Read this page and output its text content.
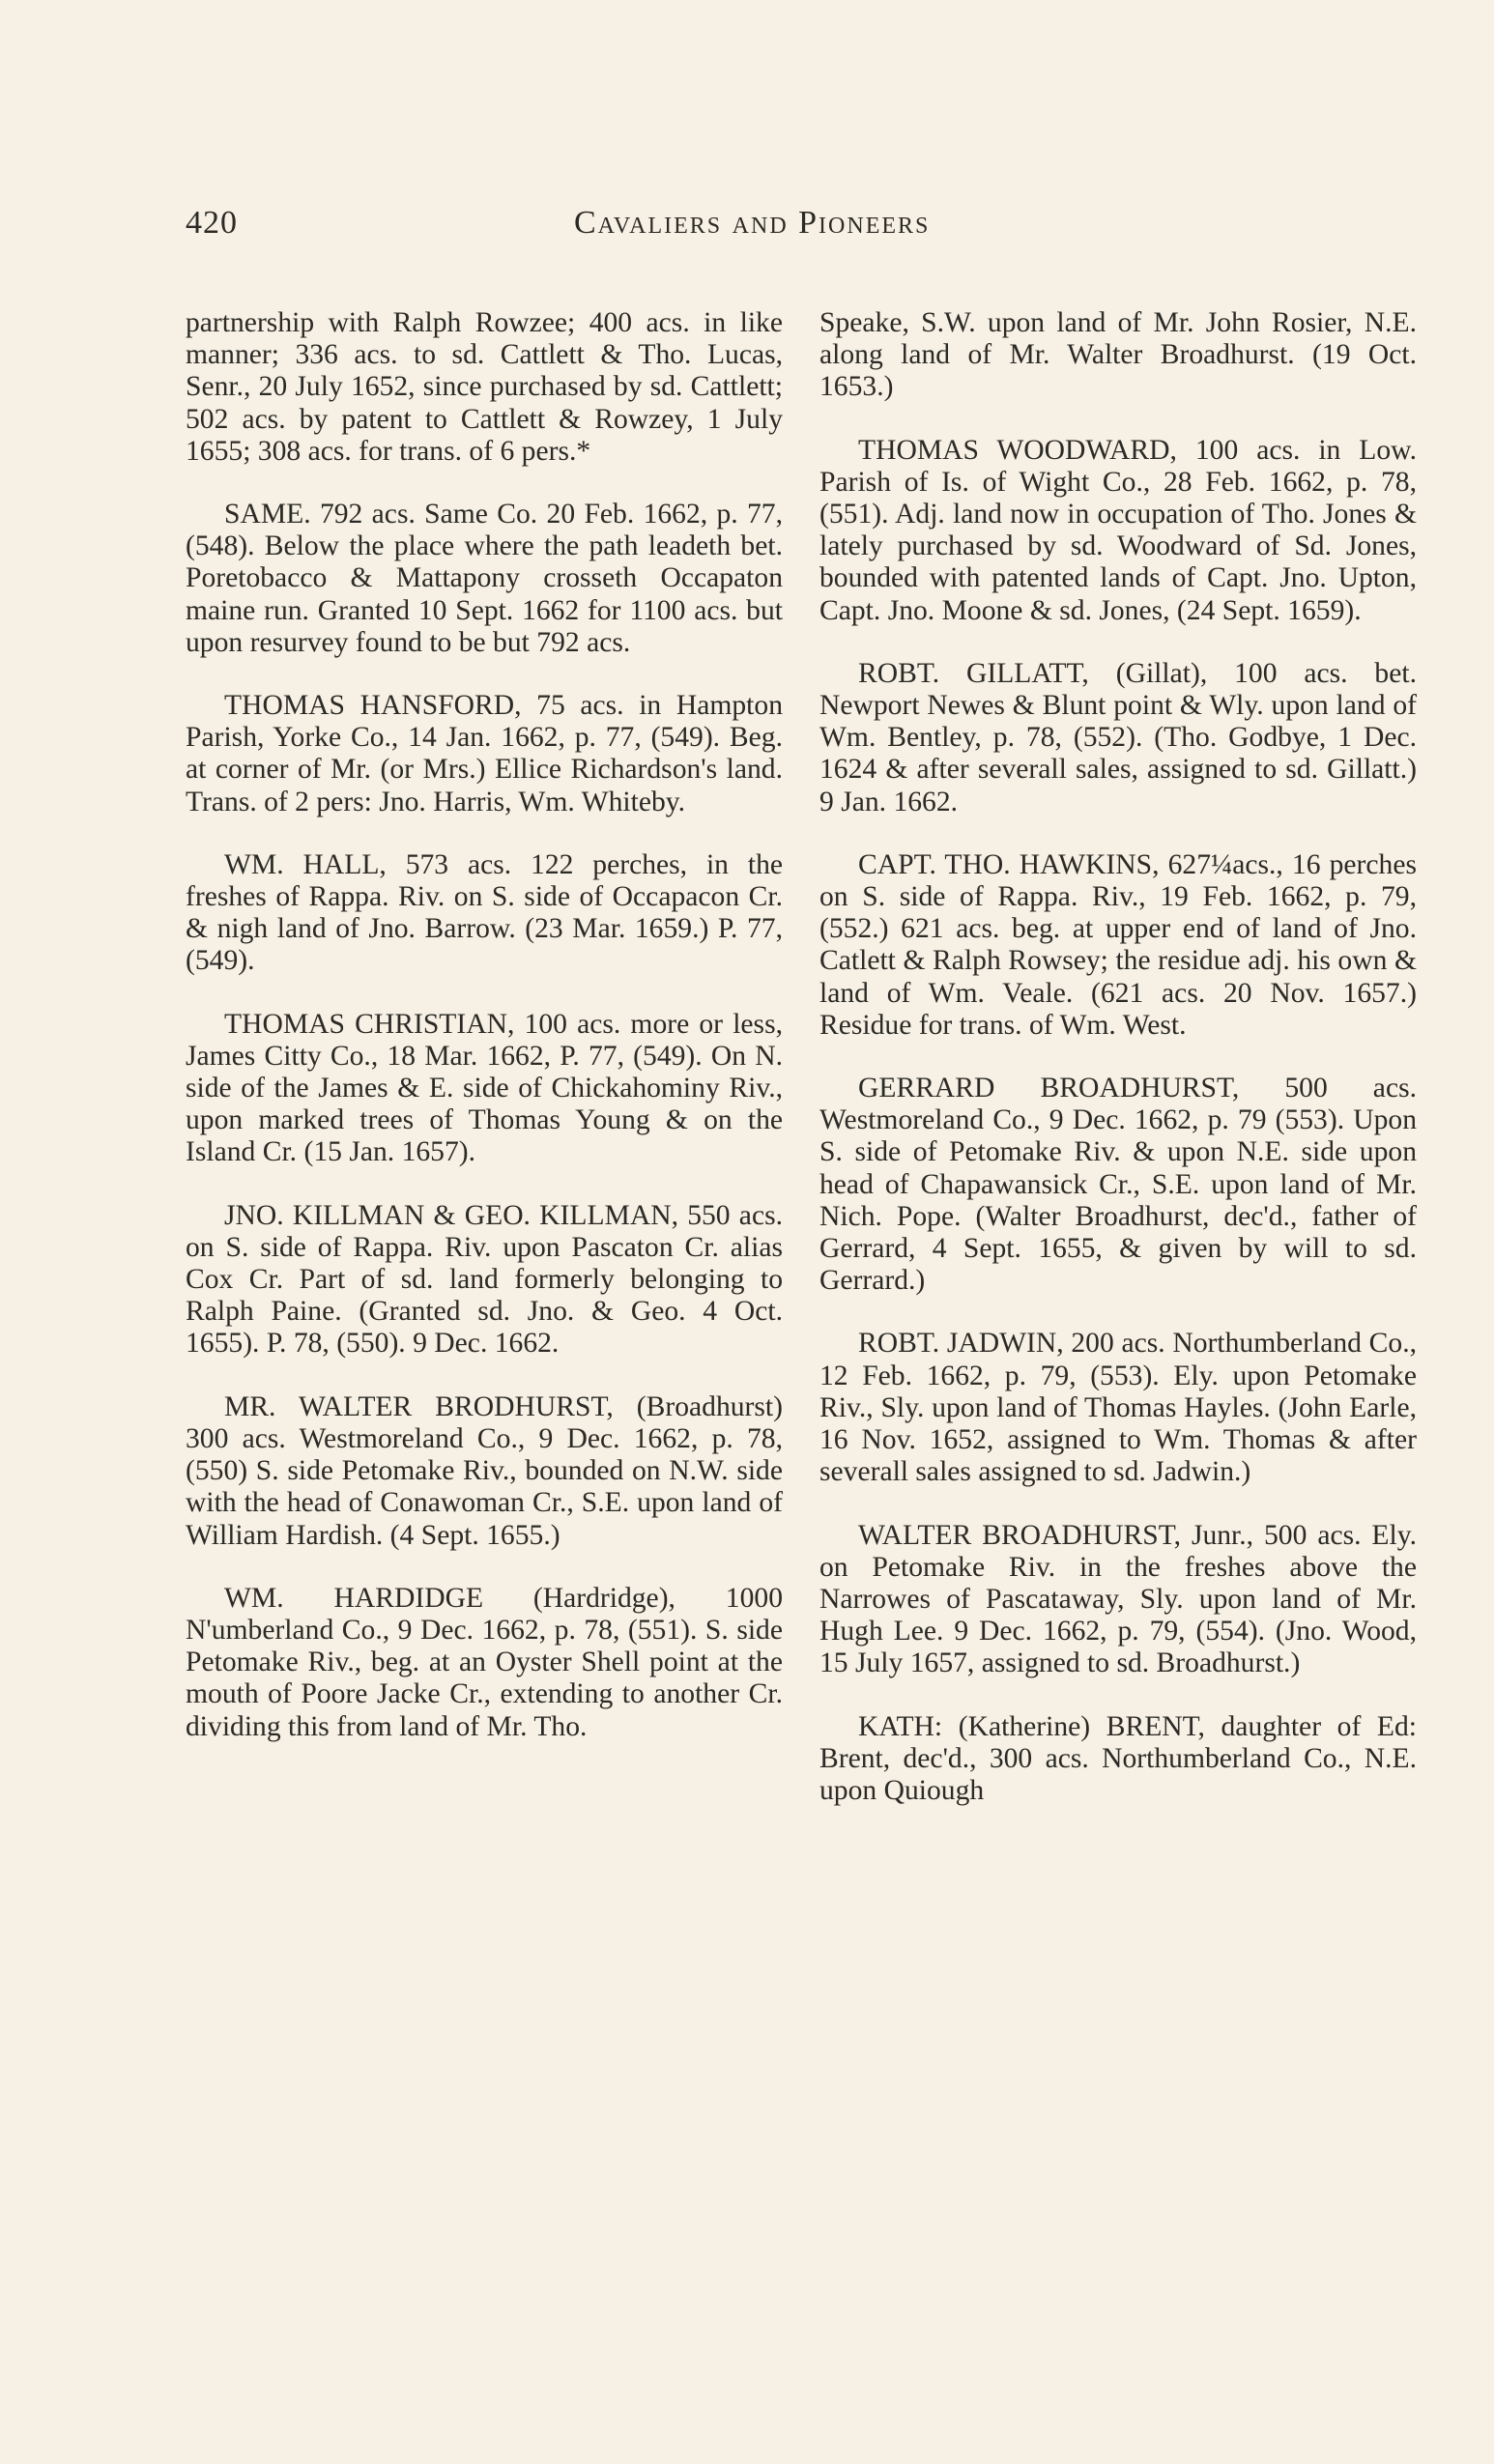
420	Cavaliers and Pioneers

partnership with Ralph Rowzee; 400 acs. in like manner; 336 acs. to sd. Cattlett & Tho. Lucas, Senr., 20 July 1652, since purchased by sd. Cattlett; 502 acs. by patent to Cattlett & Rowzey, 1 July 1655; 308 acs. for trans. of 6 pers.*

SAME. 792 acs. Same Co. 20 Feb. 1662, p. 77, (548). Below the place where the path leadeth bet. Poretobacco & Mattapony crosseth Occapaton maine run. Granted 10 Sept. 1662 for 1100 acs. but upon resurvey found to be but 792 acs.

THOMAS HANSFORD, 75 acs. in Hampton Parish, Yorke Co., 14 Jan. 1662, p. 77, (549). Beg. at corner of Mr. (or Mrs.) Ellice Richardson's land. Trans. of 2 pers: Jno. Harris, Wm. Whiteby.

WM. HALL, 573 acs. 122 perches, in the freshes of Rappa. Riv. on S. side of Occapacon Cr. & nigh land of Jno. Barrow. (23 Mar. 1659.) P. 77, (549).

THOMAS CHRISTIAN, 100 acs. more or less, James Citty Co., 18 Mar. 1662, P. 77, (549). On N. side of the James & E. side of Chickahominy Riv., upon marked trees of Thomas Young & on the Island Cr. (15 Jan. 1657).

JNO. KILLMAN & GEO. KILLMAN, 550 acs. on S. side of Rappa. Riv. upon Pascaton Cr. alias Cox Cr. Part of sd. land formerly belonging to Ralph Paine. (Granted sd. Jno. & Geo. 4 Oct. 1655). P. 78, (550). 9 Dec. 1662.

MR. WALTER BRODHURST, (Broadhurst) 300 acs. Westmoreland Co., 9 Dec. 1662, p. 78, (550) S. side Petomake Riv., bounded on N.W. side with the head of Conawoman Cr., S.E. upon land of William Hardish. (4 Sept. 1655.)

WM. HARDIDGE (Hardridge), 1000 N'umberland Co., 9 Dec. 1662, p. 78, (551). S. side Petomake Riv., beg. at an Oyster Shell point at the mouth of Poore Jacke Cr., extending to another Cr. dividing this from land of Mr. Tho.

Speake, S.W. upon land of Mr. John Rosier, N.E. along land of Mr. Walter Broadhurst. (19 Oct. 1653.)

THOMAS WOODWARD, 100 acs. in Low. Parish of Is. of Wight Co., 28 Feb. 1662, p. 78, (551). Adj. land now in occupation of Tho. Jones & lately purchased by sd. Woodward of Sd. Jones, bounded with patented lands of Capt. Jno. Upton, Capt. Jno. Moone & sd. Jones, (24 Sept. 1659).

ROBT. GILLATT, (Gillat), 100 acs. bet. Newport Newes & Blunt point & Wly. upon land of Wm. Bentley, p. 78, (552). (Tho. Godbye, 1 Dec. 1624 & after severall sales, assigned to sd. Gillatt.) 9 Jan. 1662.

CAPT. THO. HAWKINS, 627¼acs., 16 perches on S. side of Rappa. Riv., 19 Feb. 1662, p. 79, (552.) 621 acs. beg. at upper end of land of Jno. Catlett & Ralph Rowsey; the residue adj. his own & land of Wm. Veale. (621 acs. 20 Nov. 1657.) Residue for trans. of Wm. West.

GERRARD BROADHURST, 500 acs. Westmoreland Co., 9 Dec. 1662, p. 79 (553). Upon S. side of Petomake Riv. & upon N.E. side upon head of Chapawansick Cr., S.E. upon land of Mr. Nich. Pope. (Walter Broadhurst, dec'd., father of Gerrard, 4 Sept. 1655, & given by will to sd. Gerrard.)

ROBT. JADWIN, 200 acs. Northumberland Co., 12 Feb. 1662, p. 79, (553). Ely. upon Petomake Riv., Sly. upon land of Thomas Hayles. (John Earle, 16 Nov. 1652, assigned to Wm. Thomas & after severall sales assigned to sd. Jadwin.)

WALTER BROADHURST, Junr., 500 acs. Ely. on Petomake Riv. in the freshes above the Narrowes of Pascataway, Sly. upon land of Mr. Hugh Lee. 9 Dec. 1662, p. 79, (554). (Jno. Wood, 15 July 1657, assigned to sd. Broadhurst.)

KATH: (Katherine) BRENT, daughter of Ed: Brent, dec'd., 300 acs. Northumberland Co., N.E. upon Quiough
